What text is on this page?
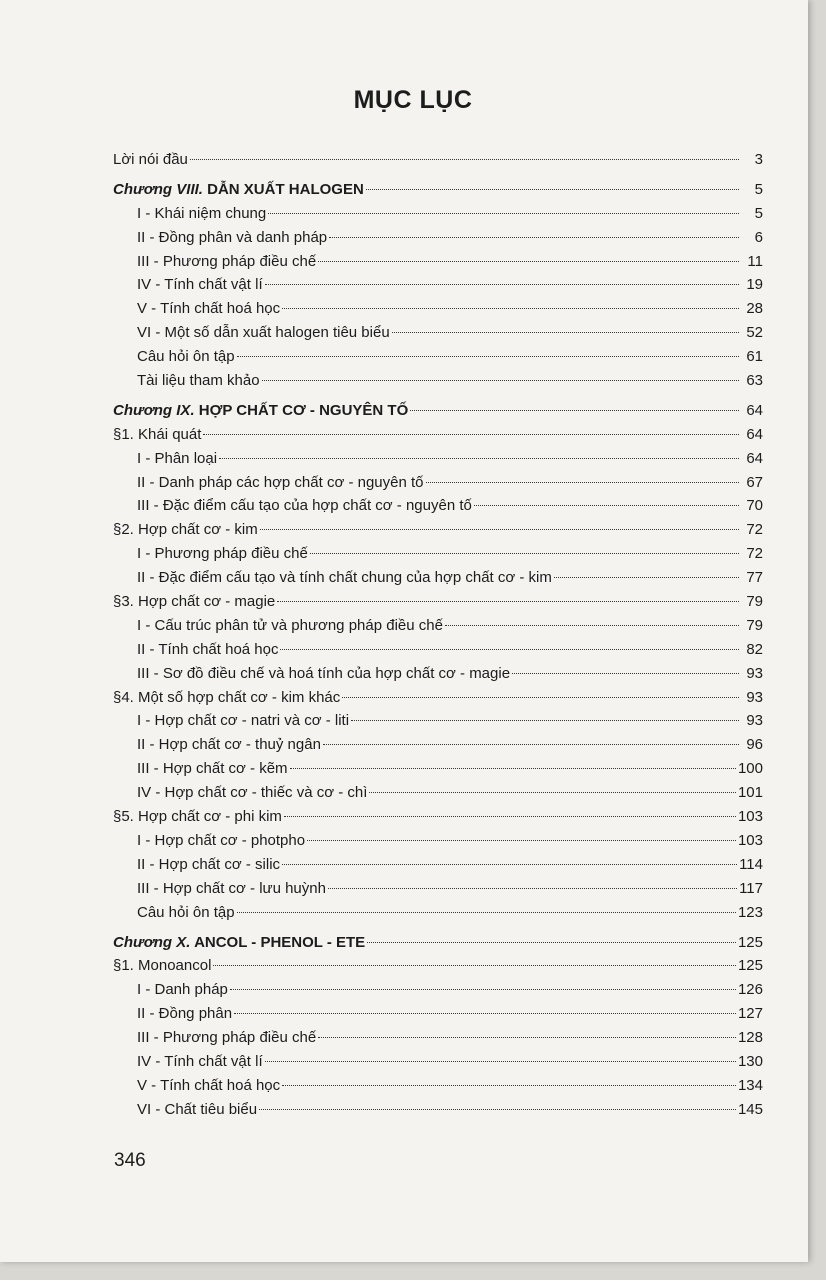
MỤC LỤC
Lời nói đầu	3
Chương VIII. DẪN XUẤT HALOGEN	5
I - Khái niệm chung	5
II - Đồng phân và danh pháp	6
III - Phương pháp điều chế	11
IV - Tính chất vật lí	19
V - Tính chất hoá học	28
VI - Một số dẫn xuất halogen tiêu biểu	52
Câu hỏi ôn tập	61
Tài liệu tham khảo	63
Chương IX. HỢP CHẤT CƠ - NGUYÊN TỐ	64
§1. Khái quát	64
I - Phân loại	64
II - Danh pháp các hợp chất cơ - nguyên tố	67
III - Đặc điểm cấu tạo của hợp chất cơ - nguyên tố	70
§2. Hợp chất cơ - kim	72
I - Phương pháp điều chế	72
II - Đặc điểm cấu tạo và tính chất chung của hợp chất cơ - kim	77
§3. Hợp chất cơ - magie	79
I - Cấu trúc phân tử và phương pháp điều chế	79
II - Tính chất hoá học	82
III - Sơ đồ điều chế và hoá tính của hợp chất cơ - magie	93
§4. Một số hợp chất cơ - kim khác	93
I - Hợp chất cơ - natri và cơ - liti	93
II - Hợp chất cơ - thuỷ ngân	96
III - Hợp chất cơ - kẽm	100
IV - Hợp chất cơ - thiếc và cơ - chì	101
§5. Hợp chất cơ - phi kim	103
I - Hợp chất cơ - photpho	103
II - Hợp chất cơ - silic	114
III - Hợp chất cơ - lưu huỳnh	117
Câu hỏi ôn tập	123
Chương X. ANCOL - PHENOL - ETE	125
§1. Monoancol	125
I - Danh pháp	126
II - Đồng phân	127
III - Phương pháp điều chế	128
IV - Tính chất vật lí	130
V - Tính chất hoá học	134
VI - Chất tiêu biểu	145
346
